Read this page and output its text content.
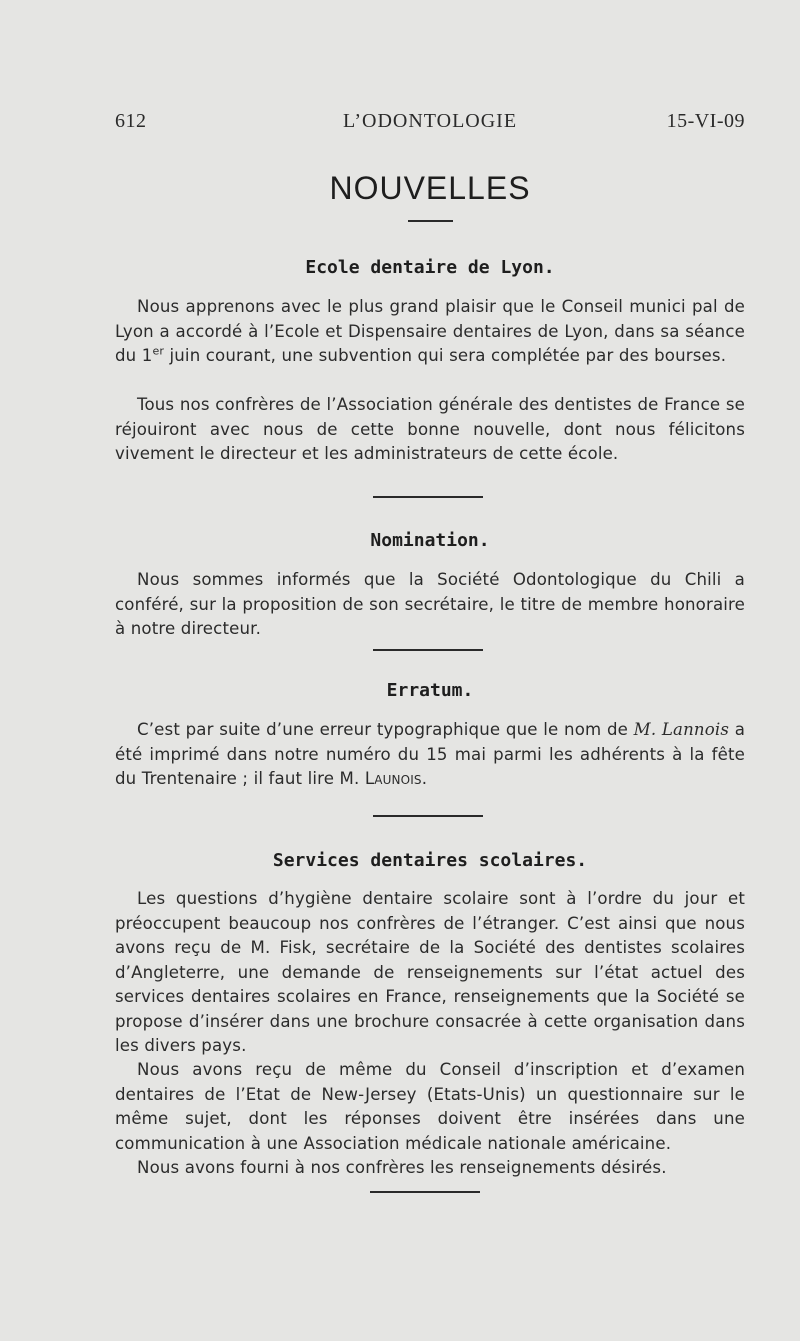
612	L’ODONTOLOGIE	15-VI-09
NOUVELLES
Ecole dentaire de Lyon.
Nous apprenons avec le plus grand plaisir que le Conseil munici pal de Lyon a accordé à l’Ecole et Dispensaire dentaires de Lyon, dans sa séance du 1er juin courant, une subvention qui sera complétée par des bourses.
Tous nos confrères de l’Association générale des dentistes de France se réjouiront avec nous de cette bonne nouvelle, dont nous félicitons vivement le directeur et les administrateurs de cette école.
Nomination.
Nous sommes informés que la Société Odontologique du Chili a conféré, sur la proposition de son secrétaire, le titre de membre honoraire à notre directeur.
Erratum.
C’est par suite d’une erreur typographique que le nom de M. Lannois a été imprimé dans notre numéro du 15 mai parmi les adhérents à la fête du Trentenaire ; il faut lire M. Launois.
Services dentaires scolaires.
Les questions d’hygiène dentaire scolaire sont à l’ordre du jour et préoccupent beaucoup nos confrères de l’étranger. C’est ainsi que nous avons reçu de M. Fisk, secrétaire de la Société des dentistes scolaires d’Angleterre, une demande de renseignements sur l’état actuel des services dentaires scolaires en France, renseignements que la Société se propose d’insérer dans une brochure consacrée à cette organisation dans les divers pays.
Nous avons reçu de même du Conseil d’inscription et d’examen dentaires de l’Etat de New-Jersey (Etats-Unis) un questionnaire sur le même sujet, dont les réponses doivent être insérées dans une communication à une Association médicale nationale américaine.
Nous avons fourni à nos confrères les renseignements désirés.
